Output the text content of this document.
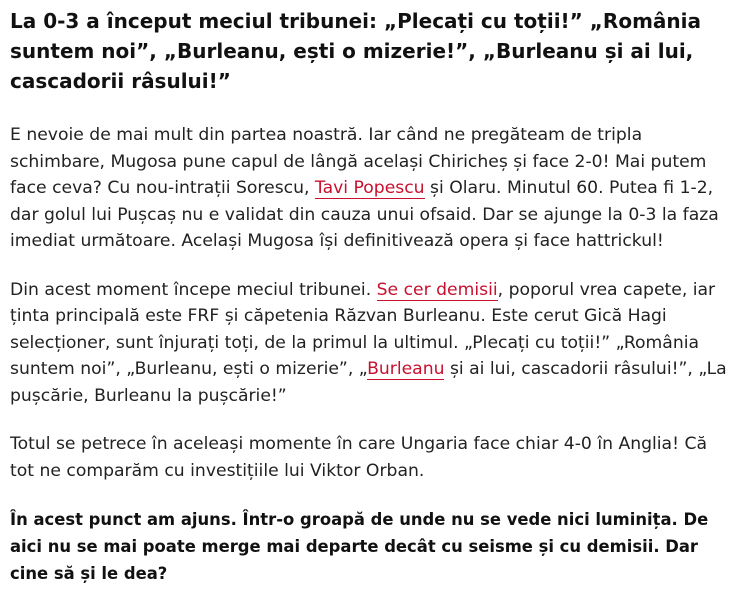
La 0-3 a început meciul tribunei: „Plecați cu toții!” „România suntem noi”, „Burleanu, ești o mizerie!”, „Burleanu și ai lui, cascadorii râsului!”

E nevoie de mai mult din partea noastră. Iar când ne pregăteam de tripla schimbare, Mugosa pune capul de lângă același Chiricheș și face 2-0! Mai putem face ceva? Cu nou-intrații Sorescu, Tavi Popescu și Olaru. Minutul 60. Putea fi 1-2, dar golul lui Pușcaș nu e validat din cauza unui ofsaid. Dar se ajunge la 0-3 la faza imediat următoare. Același Mugosa își definitivează opera și face hattrickul!

Din acest moment începe meciul tribunei. Se cer demisii, poporul vrea capete, iar ținta principală este FRF și căpetenia Răzvan Burleanu. Este cerut Gică Hagi selecționer, sunt înjurați toți, de la primul la ultimul. „Plecați cu toții!” „România suntem noi”, „Burleanu, ești o mizerie”, „Burleanu și ai lui, cascadorii râsului!”, „La pușcărie, Burleanu la pușcărie!”

Totul se petrece în aceleași momente în care Ungaria face chiar 4-0 în Anglia! Că tot ne comparăm cu investițiile lui Viktor Orban.

În acest punct am ajuns. Într-o groapă de unde nu se vede nici luminița. De aici nu se mai poate merge mai departe decât cu seisme și cu demisii. Dar cine să și le dea?
